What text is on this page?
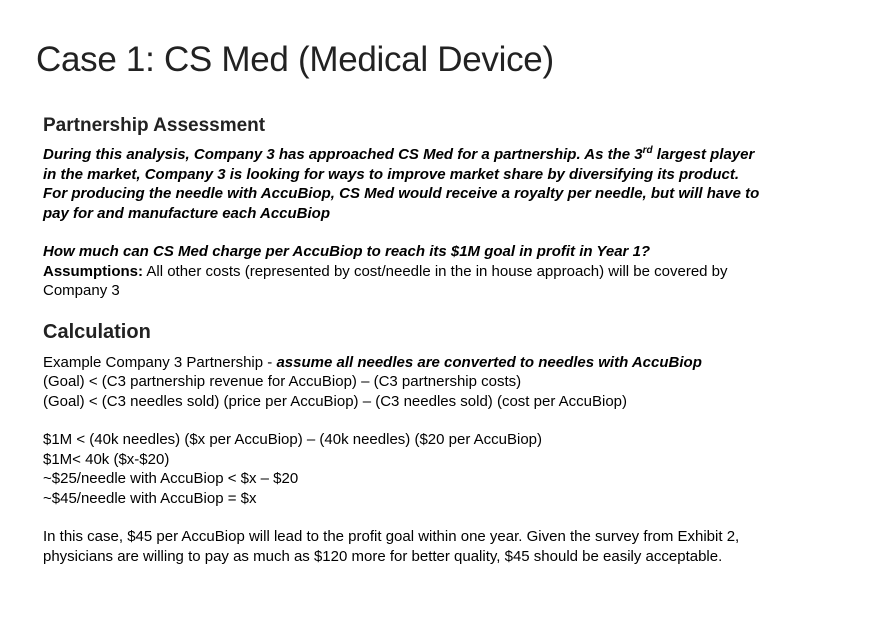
Case 1: CS Med (Medical Device)
Partnership Assessment

During this analysis, Company 3 has approached CS Med for a partnership. As the 3rd largest player in the market, Company 3 is looking for ways to improve market share by diversifying its product. For producing the needle with AccuBiop, CS Med would receive a royalty per needle, but will have to pay for and manufacture each AccuBiop

How much can CS Med charge per AccuBiop to reach its $1M goal in profit in Year 1?

Assumptions: All other costs (represented by cost/needle in the in house approach) will be covered by Company 3

Calculation

Example Company 3 Partnership - assume all needles are converted to needles with AccuBiop

(Goal) < (C3 partnership revenue for AccuBiop) – (C3 partnership costs)

(Goal) < (C3 needles sold) (price per AccuBiop) – (C3 needles sold) (cost per AccuBiop)

$1M < (40k needles) ($x per AccuBiop) – (40k needles) ($20 per AccuBiop)

$1M< 40k ($x-$20)

~$25/needle with AccuBiop < $x – $20

~$45/needle with AccuBiop = $x

In this case, $45 per AccuBiop will lead to the profit goal within one year. Given the survey from Exhibit 2, physicians are willing to pay as much as $120 more for better quality, $45 should be easily acceptable.
